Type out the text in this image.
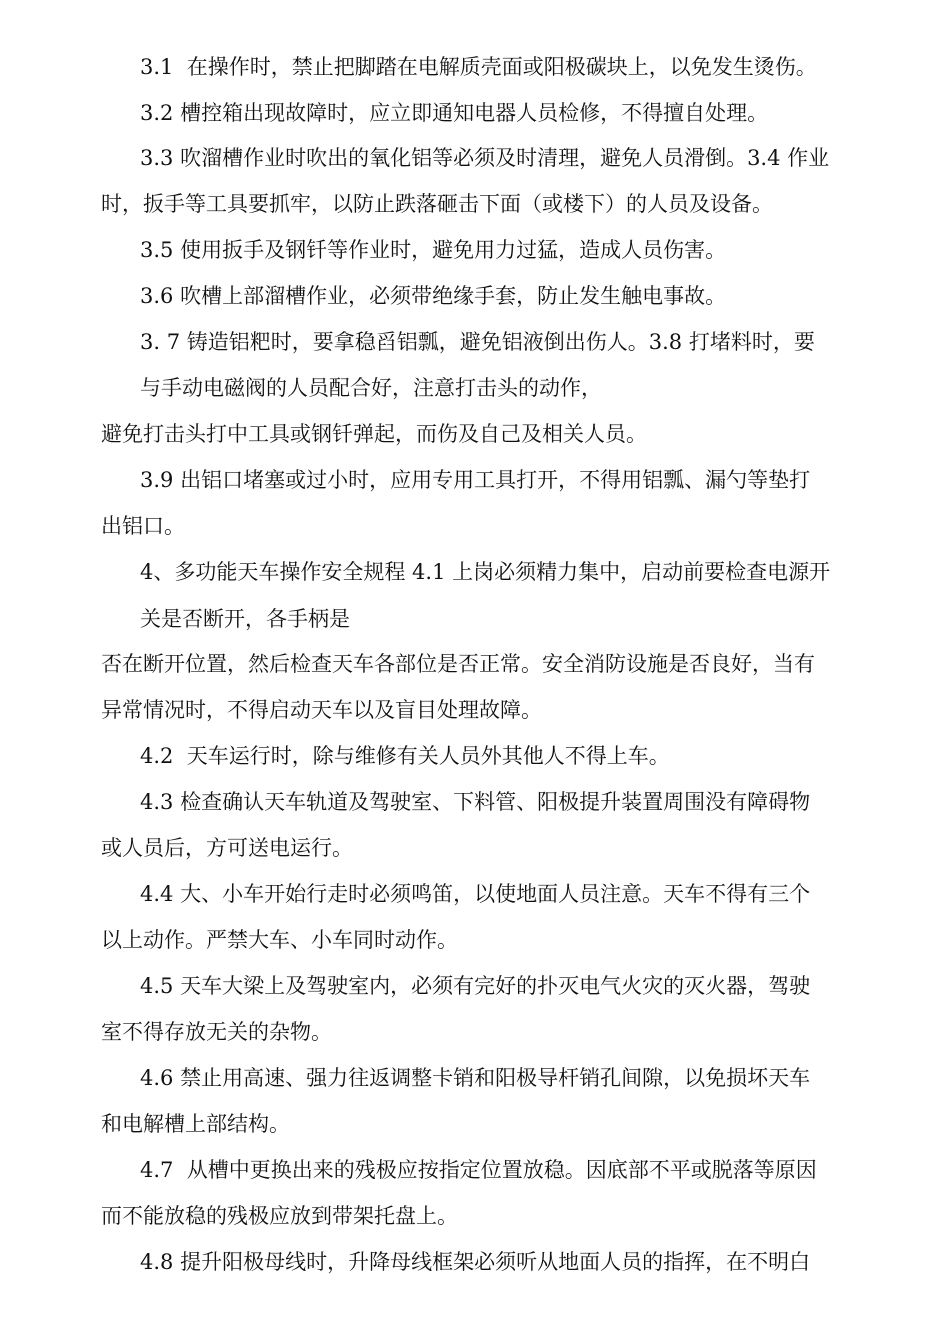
3.1  在操作时，禁止把脚踏在电解质壳面或阳极碳块上，以免发生烫伤。
3.2 槽控箱出现故障时，应立即通知电器人员检修，不得擅自处理。
3.3 吹溜槽作业时吹出的氧化铝等必须及时清理，避免人员滑倒。3.4 作业
时，扳手等工具要抓牢，以防止跌落砸击下面（或楼下）的人员及设备。
3.5 使用扳手及钢钎等作业时，避免用力过猛，造成人员伤害。
3.6 吹槽上部溜槽作业，必须带绝缘手套，防止发生触电事故。
3. 7 铸造铝粑时，要拿稳舀铝瓢，避免铝液倒出伤人。3.8 打堵料时，要
与手动电磁阀的人员配合好，注意打击头的动作，
避免打击头打中工具或钢钎弹起，而伤及自己及相关人员。
3.9 出铝口堵塞或过小时，应用专用工具打开，不得用铝瓢、漏勺等垫打
出铝口。
4、多功能天车操作安全规程 4.1 上岗必须精力集中，启动前要检查电源开
关是否断开，各手柄是
否在断开位置，然后检查天车各部位是否正常。安全消防设施是否良好，当有
异常情况时，不得启动天车以及盲目处理故障。
4.2  天车运行时，除与维修有关人员外其他人不得上车。
4.3 检查确认天车轨道及驾驶室、下料管、阳极提升装置周围没有障碍物
或人员后，方可送电运行。
4.4 大、小车开始行走时必须鸣笛，以使地面人员注意。天车不得有三个
以上动作。严禁大车、小车同时动作。
4.5 天车大梁上及驾驶室内，必须有完好的扑灭电气火灾的灭火器，驾驶
室不得存放无关的杂物。
4.6 禁止用高速、强力往返调整卡销和阳极导杆销孔间隙，以免损坏天车
和电解槽上部结构。
4.7  从槽中更换出来的残极应按指定位置放稳。因底部不平或脱落等原因
而不能放稳的残极应放到带架托盘上。
4.8 提升阳极母线时，升降母线框架必须听从地面人员的指挥，在不明白
